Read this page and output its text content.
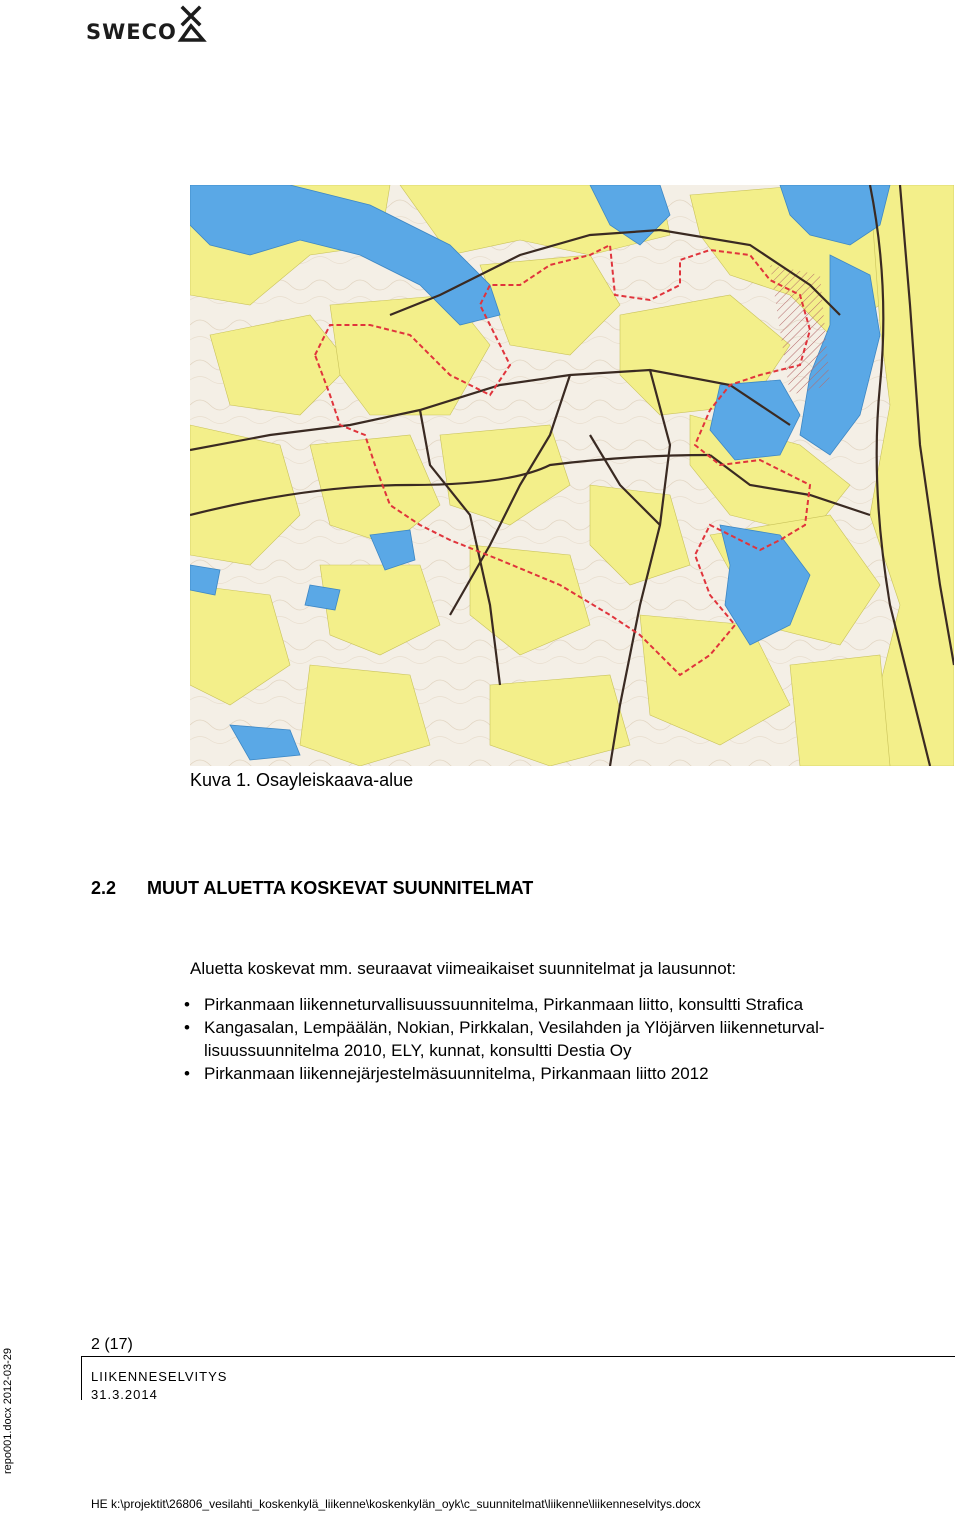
SWECO
Kuva 1. Osayleiskaava-alue
2.2 MUUT ALUETTA KOSKEVAT SUUNNITELMAT
Aluetta koskevat mm. seuraavat viimeaikaiset suunnitelmat ja lausunnot:
• Pirkanmaan liikenneturvallisuussuunnitelma, Pirkanmaan liitto, konsultti Strafica
• Kangasalan, Lempäälän, Nokian, Pirkkalan, Vesilahden ja Ylöjärven liikenneturval-
lisuussuunnitelma 2010, ELY, kunnat, konsultti Destia Oy
• Pirkanmaan liikennejärjestelmäsuunnitelma, Pirkanmaan liitto 2012
2 (17)
LIIKENNESELVITYS
31.3.2014
repo001.docx 2012-03-29
HE k:\projektit\26806_vesilahti_koskenkylä_liikenne\koskenkylän_oyk\c_suunnitelmat\liikenne\liikenneselvitys.docx
